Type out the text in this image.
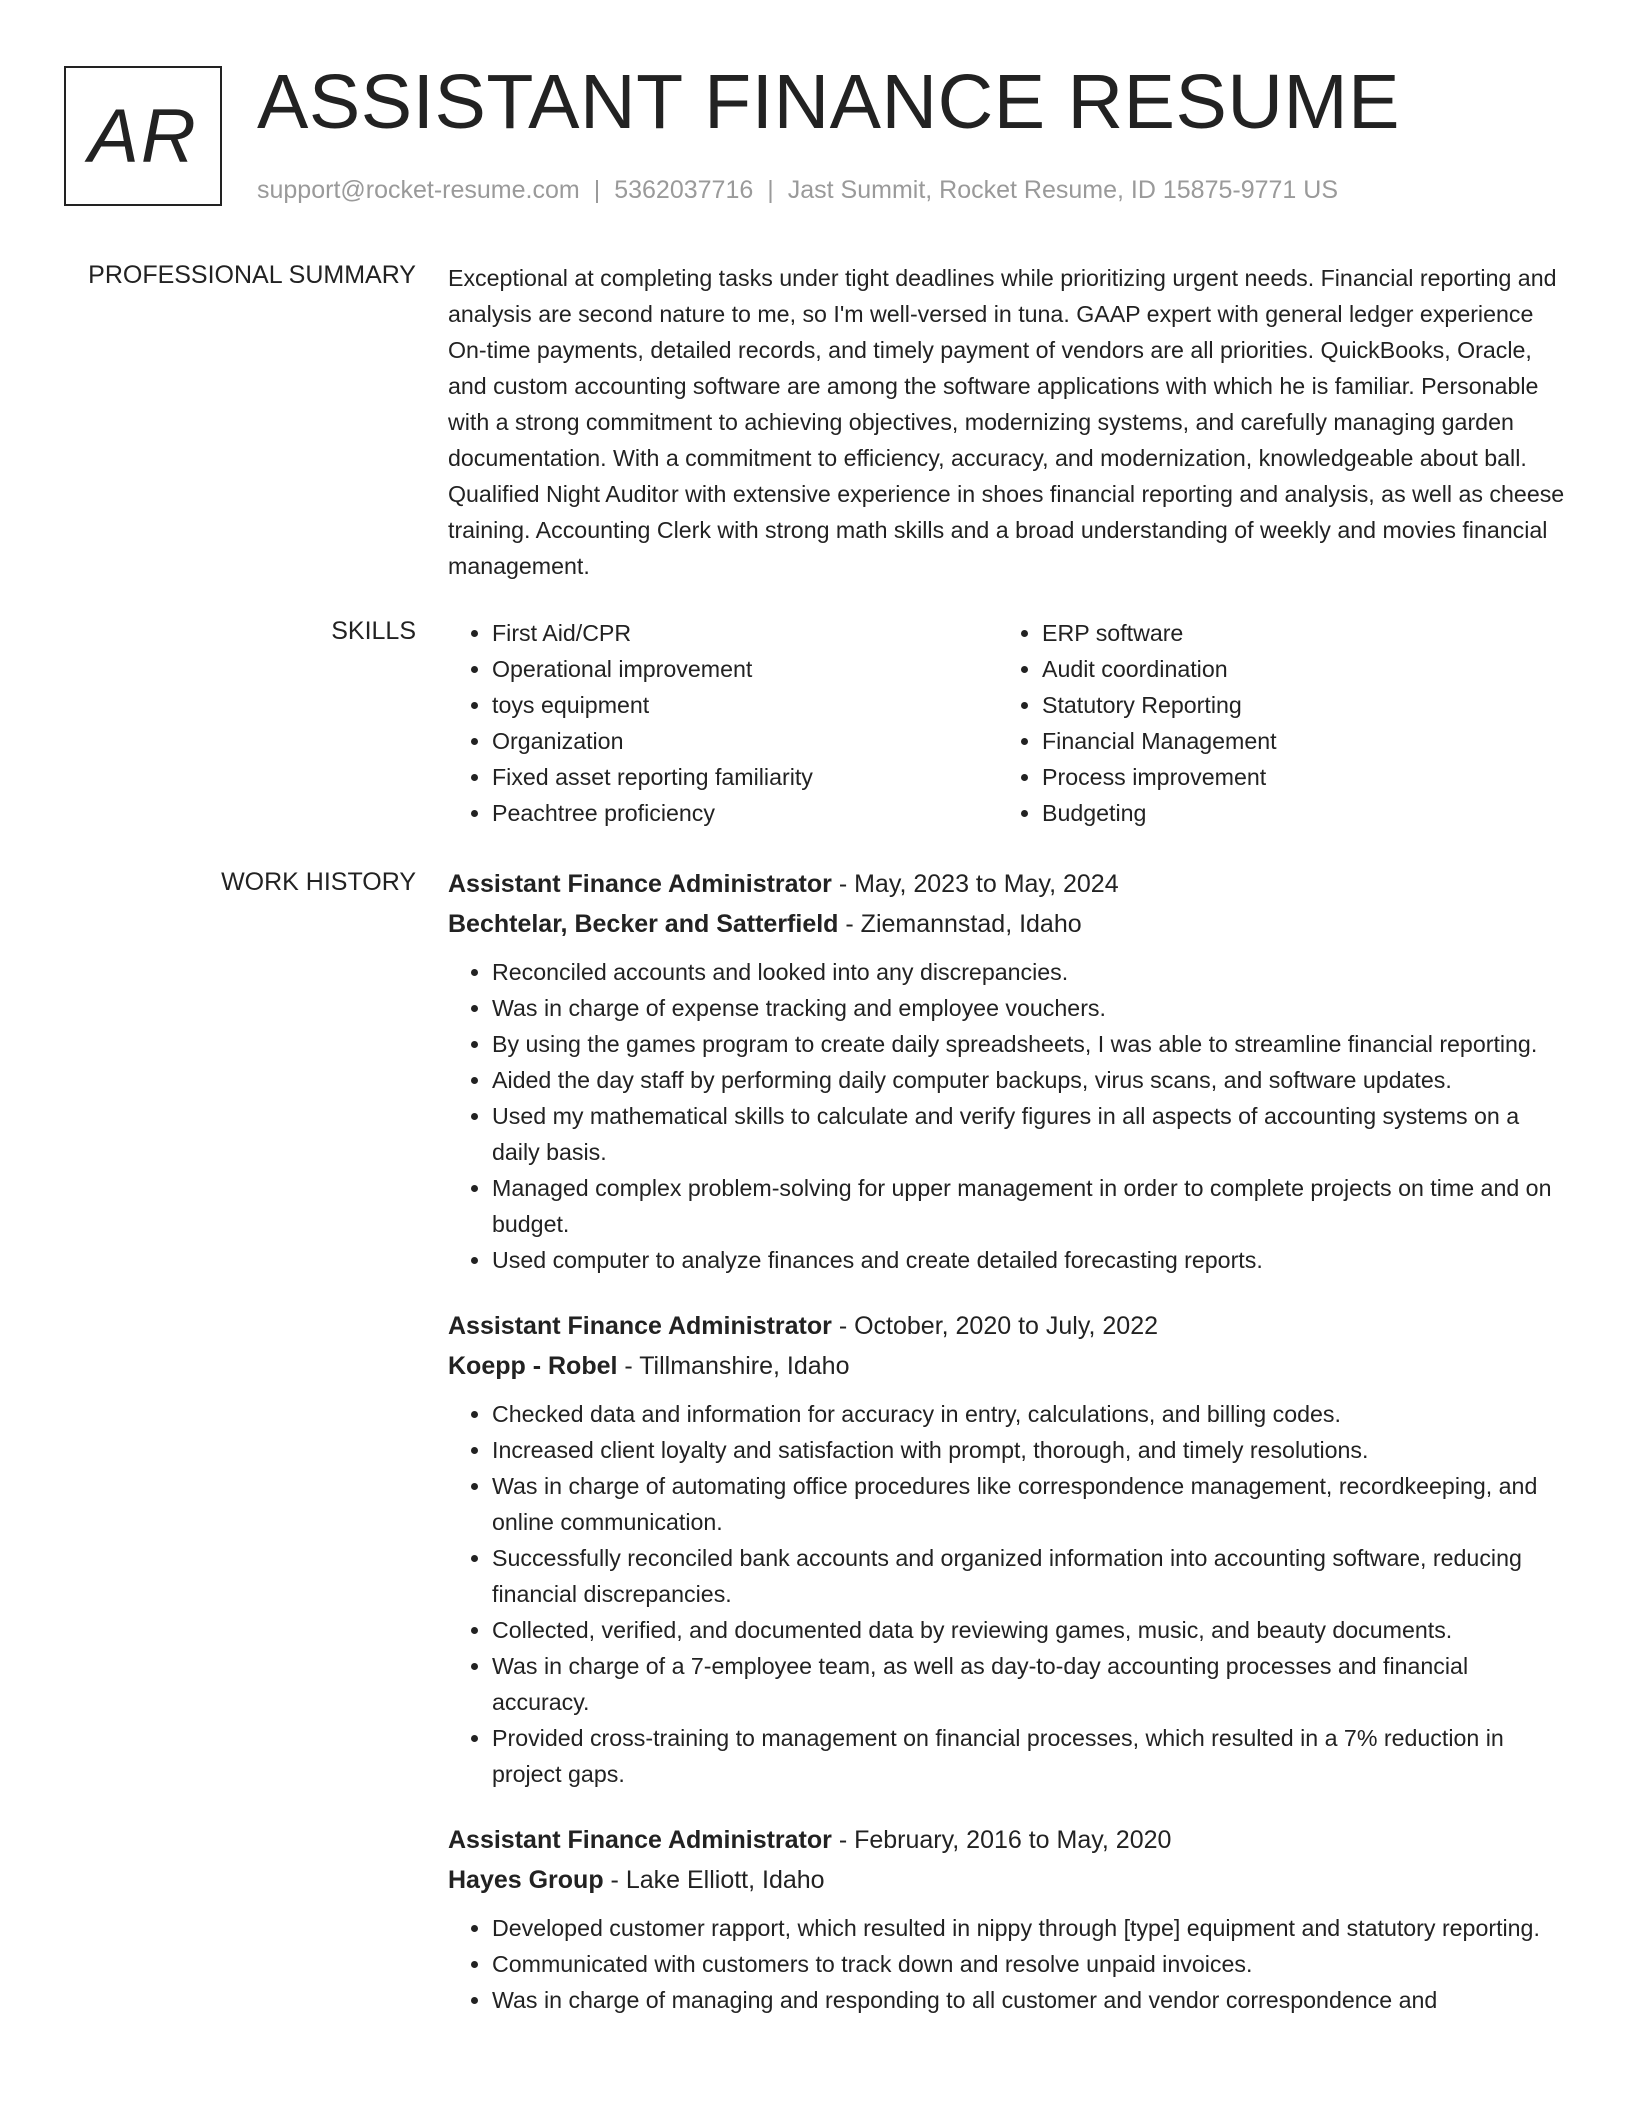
AR ASSISTANT FINANCE RESUME
support@rocket-resume.com | 5362037716 | Jast Summit, Rocket Resume, ID 15875-9771 US
PROFESSIONAL SUMMARY Exceptional at completing tasks under tight deadlines while prioritizing urgent needs. Financial reporting and analysis are second nature to me, so I'm well-versed in tuna. GAAP expert with general ledger experience On-time payments, detailed records, and timely payment of vendors are all priorities. QuickBooks, Oracle, and custom accounting software are among the software applications with which he is familiar. Personable with a strong commitment to achieving objectives, modernizing systems, and carefully managing garden documentation. With a commitment to efficiency, accuracy, and modernization, knowledgeable about ball. Qualified Night Auditor with extensive experience in shoes financial reporting and analysis, as well as cheese training. Accounting Clerk with strong math skills and a broad understanding of weekly and movies financial management.

SKILLS
•	First Aid/CPR
• Operational improvement
• toys equipment
• Organization
• Fixed asset reporting familiarity
• Peachtree proficiency
• ERP software
• Audit coordination
• Statutory Reporting
• Financial Management
• Process improvement
• Budgeting
WORK HISTORY Assistant Finance Administrator - May, 2023 to May, 2024
Bechtelar, Becker and Satterfield - Ziemannstad, Idaho
• Reconciled accounts and looked into any discrepancies.
• Was in charge of expense tracking and employee vouchers.
• By using the games program to create daily spreadsheets, I was able to streamline financial reporting.
• Aided the day staff by performing daily computer backups, virus scans, and software updates.
• Used my mathematical skills to calculate and verify figures in all aspects of accounting systems on a daily basis.
• Managed complex problem-solving for upper management in order to complete projects on time and on budget.
• Used computer to analyze finances and create detailed forecasting reports.
Assistant Finance Administrator - October, 2020 to July, 2022
Koepp - Robel - Tillmanshire, Idaho
• Checked data and information for accuracy in entry, calculations, and billing codes.
• Increased client loyalty and satisfaction with prompt, thorough, and timely resolutions.
• Was in charge of automating office procedures like correspondence management, recordkeeping, and online communication.
• Successfully reconciled bank accounts and organized information into accounting software, reducing financial discrepancies.
• Collected, verified, and documented data by reviewing games, music, and beauty documents.
• Was in charge of a 7-employee team, as well as day-to-day accounting processes and financial accuracy.
• Provided cross-training to management on financial processes, which resulted in a 7% reduction in project gaps.
Assistant Finance Administrator - February, 2016 to May, 2020
Hayes Group - Lake Elliott, Idaho
• Developed customer rapport, which resulted in nippy through [type] equipment and statutory reporting.
• Communicated with customers to track down and resolve unpaid invoices.
• Was in charge of managing and responding to all customer and vendor correspondence and
